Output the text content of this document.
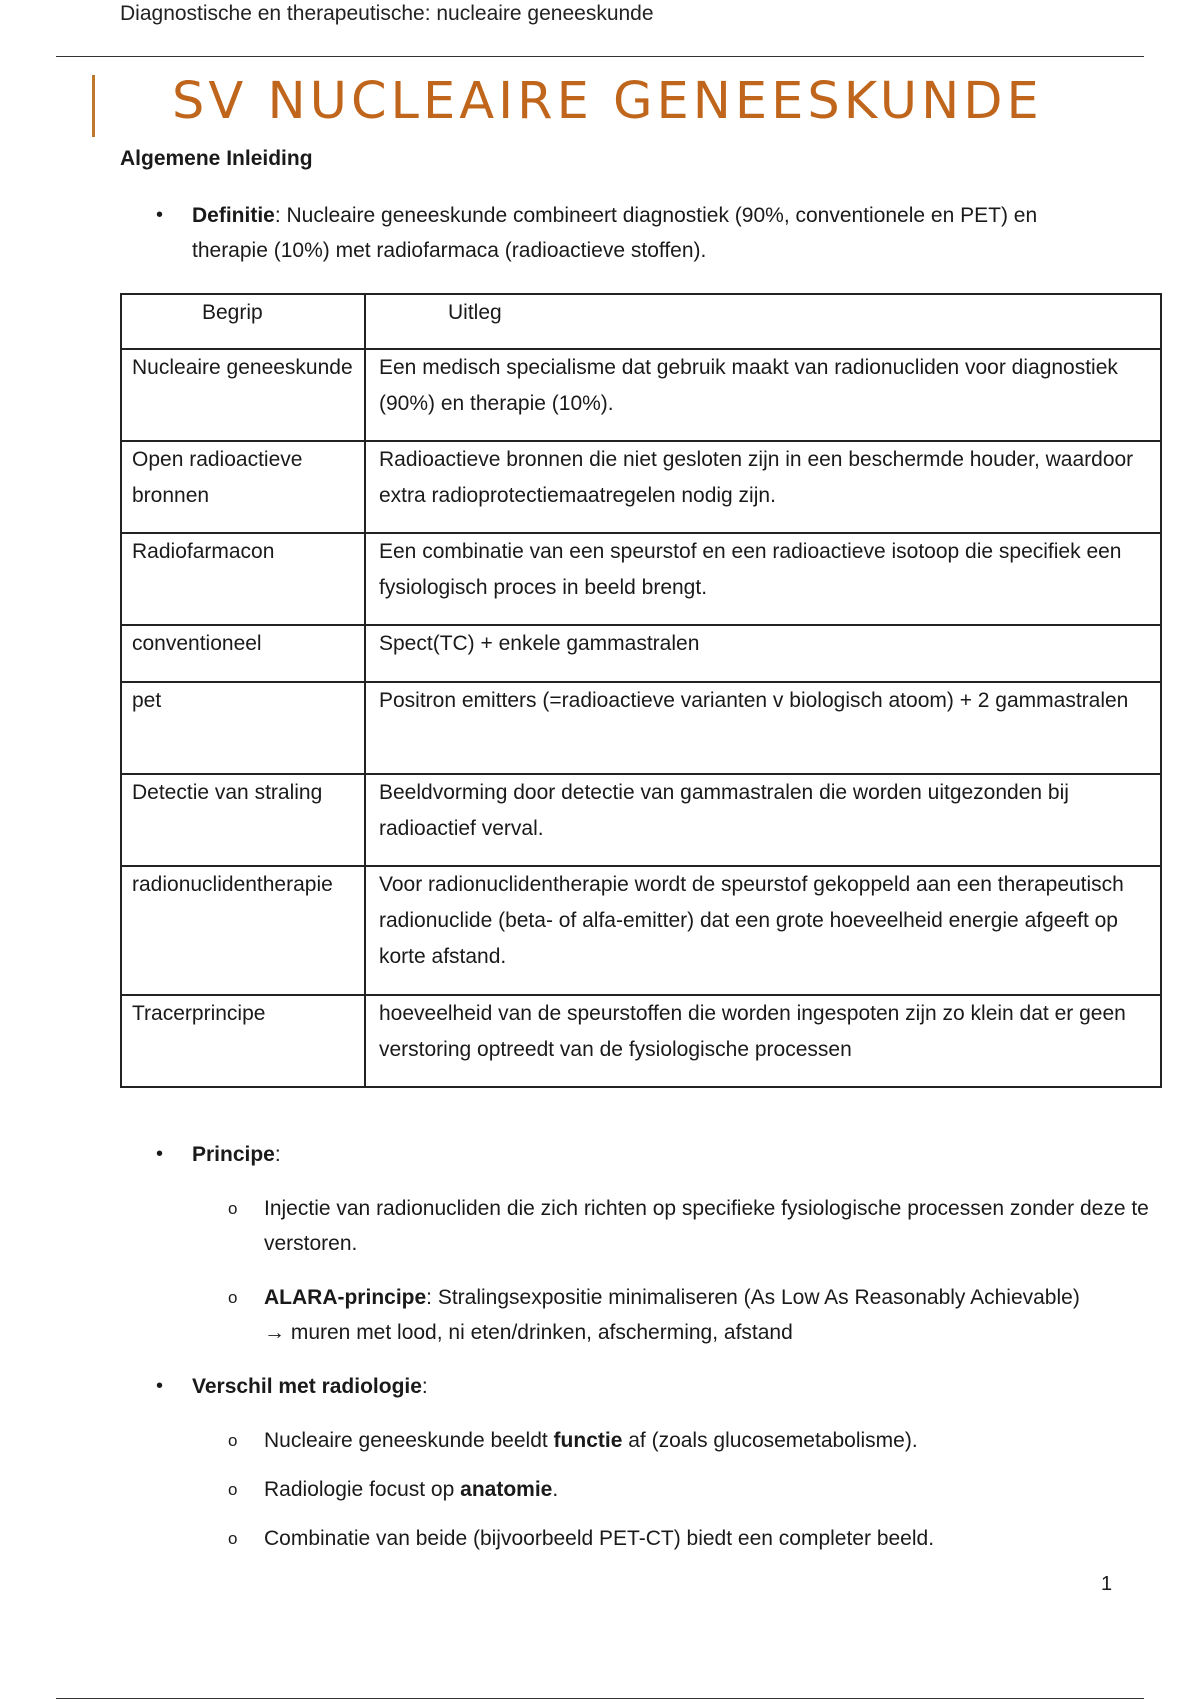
Diagnostische en therapeutische: nucleaire geneeskunde
SV NUCLEAIRE GENEESKUNDE
Algemene Inleiding
• Definitie: Nucleaire geneeskunde combineert diagnostiek (90%, conventionele en PET) en therapie (10%) met radiofarmaca (radioactieve stoffen).
Begrip	Uitleg
Nucleaire geneeskunde	Een medisch specialisme dat gebruik maakt van radionucliden voor diagnostiek (90%) en therapie (10%).
Open radioactieve bronnen	Radioactieve bronnen die niet gesloten zijn in een beschermde houder, waardoor extra radioprotectiemaatregelen nodig zijn.
Radiofarmacon	Een combinatie van een speurstof en een radioactieve isotoop die specifiek een fysiologisch proces in beeld brengt.
conventioneel	Spect(TC) + enkele gammastralen
pet	Positron emitters (=radioactieve varianten v biologisch atoom) + 2 gammastralen
Detectie van straling	Beeldvorming door detectie van gammastralen die worden uitgezonden bij radioactief verval.
radionuclidentherapie	Voor radionuclidentherapie wordt de speurstof gekoppeld aan een therapeutisch radionuclide (beta- of alfa-emitter) dat een grote hoeveelheid energie afgeeft op korte afstand.
Tracerprincipe	hoeveelheid van de speurstoffen die worden ingespoten zijn zo klein dat er geen verstoring optreedt van de fysiologische processen
• Principe:
o Injectie van radionucliden die zich richten op specifieke fysiologische processen zonder deze te verstoren.
o ALARA-principe: Stralingsexpositie minimaliseren (As Low As Reasonably Achievable)
→ muren met lood, ni eten/drinken, afscherming, afstand
• Verschil met radiologie:
o Nucleaire geneeskunde beeldt functie af (zoals glucosemetabolisme).
o Radiologie focust op anatomie.
o Combinatie van beide (bijvoorbeeld PET-CT) biedt een completer beeld.
1
